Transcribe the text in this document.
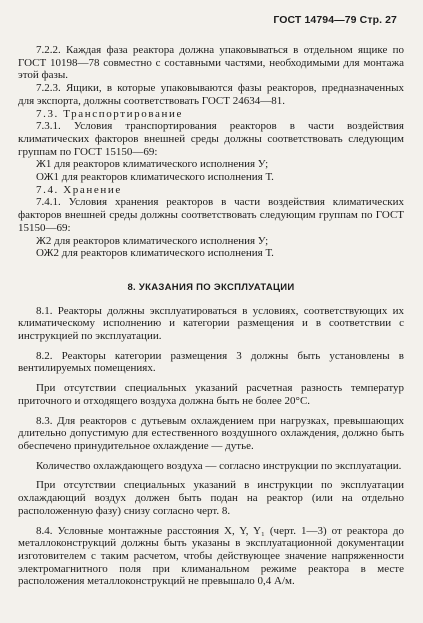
ГОСТ 14794—79 Стр. 27

7.2.2. Каждая фаза реактора должна упаковываться в отдельном ящике по ГОСТ 10198—78 совместно с составными частями, необходимыми для монтажа этой фазы.

7.2.3. Ящики, в которые упаковываются фазы реакторов, предназначенных для экспорта, должны соответствовать ГОСТ 24634—81.

7.3. Транспортирование

7.3.1. Условия транспортирования реакторов в части воздействия климатических факторов внешней среды должны соответствовать следующим группам по ГОСТ 15150—69:

Ж1 для реакторов климатического исполнения У;

ОЖ1 для реакторов климатического исполнения Т.

7.4. Хранение

7.4.1. Условия хранения реакторов в части воздействия климатических факторов внешней среды должны соответствовать следующим группам по ГОСТ 15150—69:

Ж2 для реакторов климатического исполнения У;

ОЖ2 для реакторов климатического исполнения Т.

8. УКАЗАНИЯ ПО ЭКСПЛУАТАЦИИ

8.1. Реакторы должны эксплуатироваться в условиях, соответствующих их климатическому исполнению и категории размещения и в соответствии с инструкцией по эксплуатации.

8.2. Реакторы категории размещения 3 должны быть установлены в вентилируемых помещениях.

При отсутствии специальных указаний расчетная разность температур приточного и отходящего воздуха должна быть не более 20°С.

8.3. Для реакторов с дутьевым охлаждением при нагрузках, превышающих длительно допустимую для естественного воздушного охлаждения, должно быть обеспечено принудительное охлаждение — дутье.

Количество охлаждающего воздуха — согласно инструкции по эксплуатации.

При отсутствии специальных указаний в инструкции по эксплуатации охлаждающий воздух должен быть подан на реактор (или на отдельно расположенную фазу) снизу согласно черт. 8.

8.4. Условные монтажные расстояния X, Y, Y₁ (черт. 1—3) от реактора до металлоконструкций должны быть указаны в эксплуатационной документации изготовителем с таким расчетом, чтобы действующее значение напряженности электромагнитного поля при климанальном режиме реактора в месте расположения металлоконструкций не превышало 0,4 А/м.
